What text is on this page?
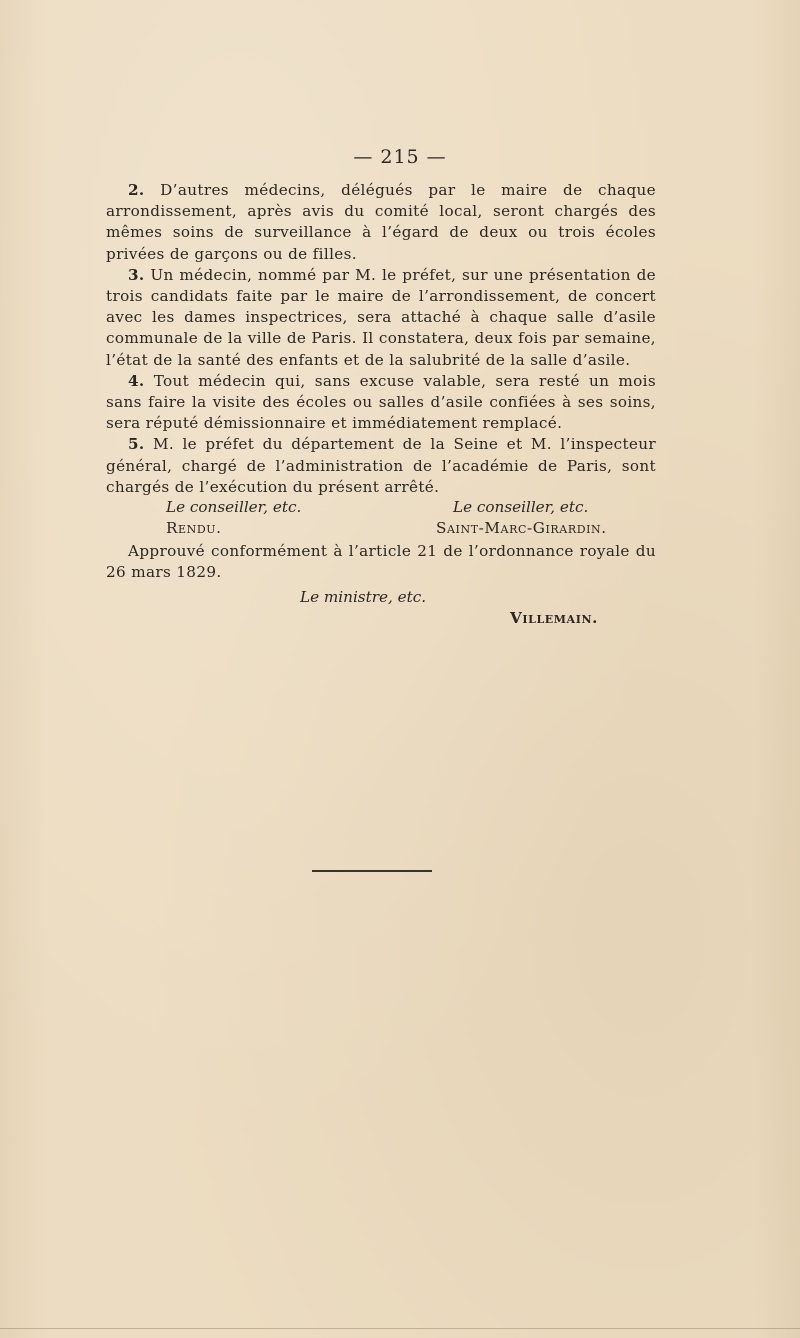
— 215 —

2. D’autres médecins, délégués par le maire de chaque arrondissement, après avis du comité local, seront chargés des mêmes soins de surveillance à l’égard de deux ou trois écoles privées de garçons ou de filles.

3. Un médecin, nommé par M. le préfet, sur une présentation de trois candidats faite par le maire de l’arrondissement, de concert avec les dames inspectrices, sera attaché à chaque salle d’asile communale de la ville de Paris. Il constatera, deux fois par semaine, l’état de la santé des enfants et de la salubrité de la salle d’asile.

4. Tout médecin qui, sans excuse valable, sera resté un mois sans faire la visite des écoles ou salles d’asile confiées à ses soins, sera réputé démissionnaire et immédiatement remplacé.

5. M. le préfet du département de la Seine et M. l’inspecteur général, chargé de l’administration de l’académie de Paris, sont chargés de l’exécution du présent arrêté.

Le conseiller, etc.	Le conseiller, etc.
Rendu.	Saint-Marc-Girardin.
Approuvé conformément à l’article 21 de l’ordonnance royale du 26 mars 1829.
Le ministre, etc.
Villemain.
